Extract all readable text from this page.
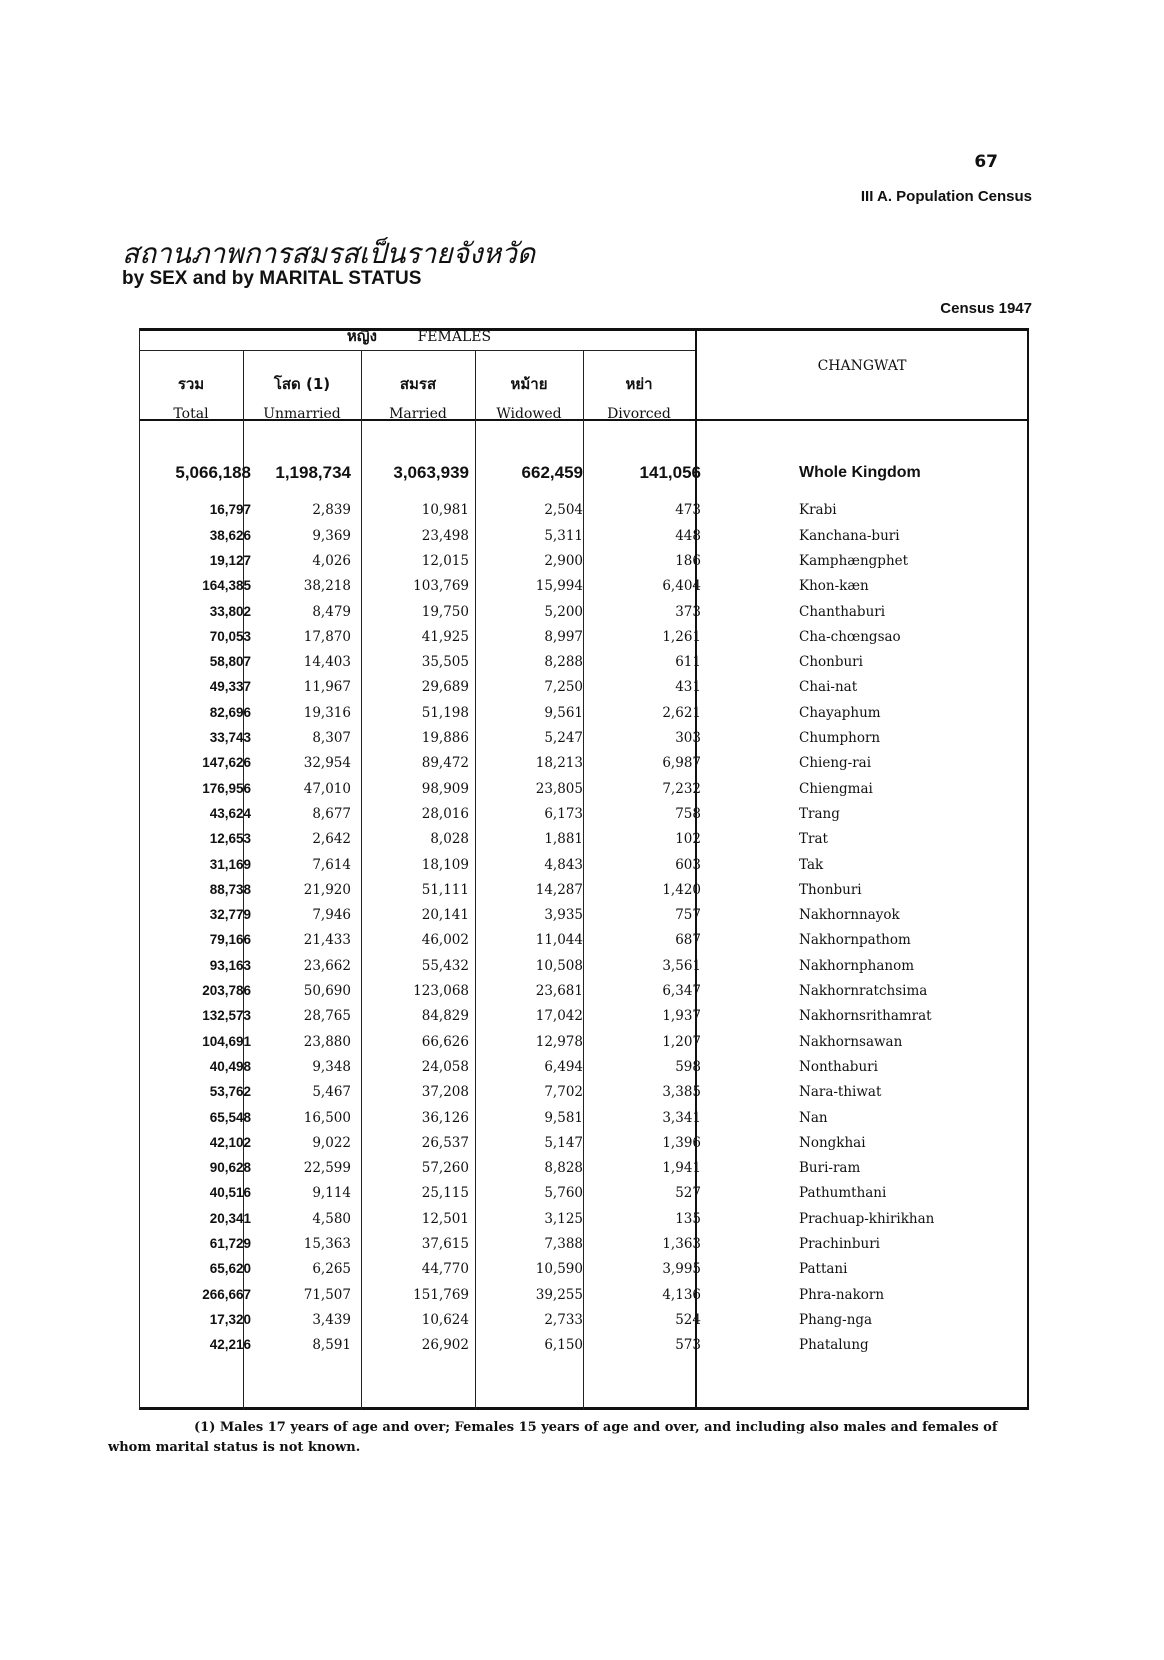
67
III A. Population Census
สถานภาพการสมรสเป็นรายจังหวัด
by SEX and by MARITAL STATUS
Census 1947
หญิง	FEMALES
รวม
Total
โสด (1)
Unmarried
สมรส
Married
หม้าย
Widowed
หย่า
Divorced
CHANGWAT
5,066,188	1,198,734	3,063,939	662,459	141,056	Whole Kingdom
16,797	2,839	10,981	2,504	473	Krabi
38,626	9,369	23,498	5,311	448	Kanchana-buri
19,127	4,026	12,015	2,900	186	Kamphængphet
164,385	38,218	103,769	15,994	6,404	Khon-kæn
33,802	8,479	19,750	5,200	373	Chanthaburi
70,053	17,870	41,925	8,997	1,261	Cha-chœngsao
58,807	14,403	35,505	8,288	611	Chonburi
49,337	11,967	29,689	7,250	431	Chai-nat
82,696	19,316	51,198	9,561	2,621	Chayaphum
33,743	8,307	19,886	5,247	303	Chumphorn
147,626	32,954	89,472	18,213	6,987	Chieng-rai
176,956	47,010	98,909	23,805	7,232	Chiengmai
43,624	8,677	28,016	6,173	758	Trang
12,653	2,642	8,028	1,881	102	Trat
31,169	7,614	18,109	4,843	603	Tak
88,738	21,920	51,111	14,287	1,420	Thonburi
32,779	7,946	20,141	3,935	757	Nakhornnayok
79,166	21,433	46,002	11,044	687	Nakhornpathom
93,163	23,662	55,432	10,508	3,561	Nakhornphanom
203,786	50,690	123,068	23,681	6,347	Nakhornratchsima
132,573	28,765	84,829	17,042	1,937	Nakhornsrithamrat
104,691	23,880	66,626	12,978	1,207	Nakhornsawan
40,498	9,348	24,058	6,494	598	Nonthaburi
53,762	5,467	37,208	7,702	3,385	Nara-thiwat
65,548	16,500	36,126	9,581	3,341	Nan
42,102	9,022	26,537	5,147	1,396	Nongkhai
90,628	22,599	57,260	8,828	1,941	Buri-ram
40,516	9,114	25,115	5,760	527	Pathumthani
20,341	4,580	12,501	3,125	135	Prachuap-khirikhan
61,729	15,363	37,615	7,388	1,363	Prachinburi
65,620	6,265	44,770	10,590	3,995	Pattani
266,667	71,507	151,769	39,255	4,136	Phra-nakorn
17,320	3,439	10,624	2,733	524	Phang-nga
42,216	8,591	26,902	6,150	573	Phatalung
(1) Males 17 years of age and over; Females 15 years of age and over, and including also males and females of whom marital status is not known.
